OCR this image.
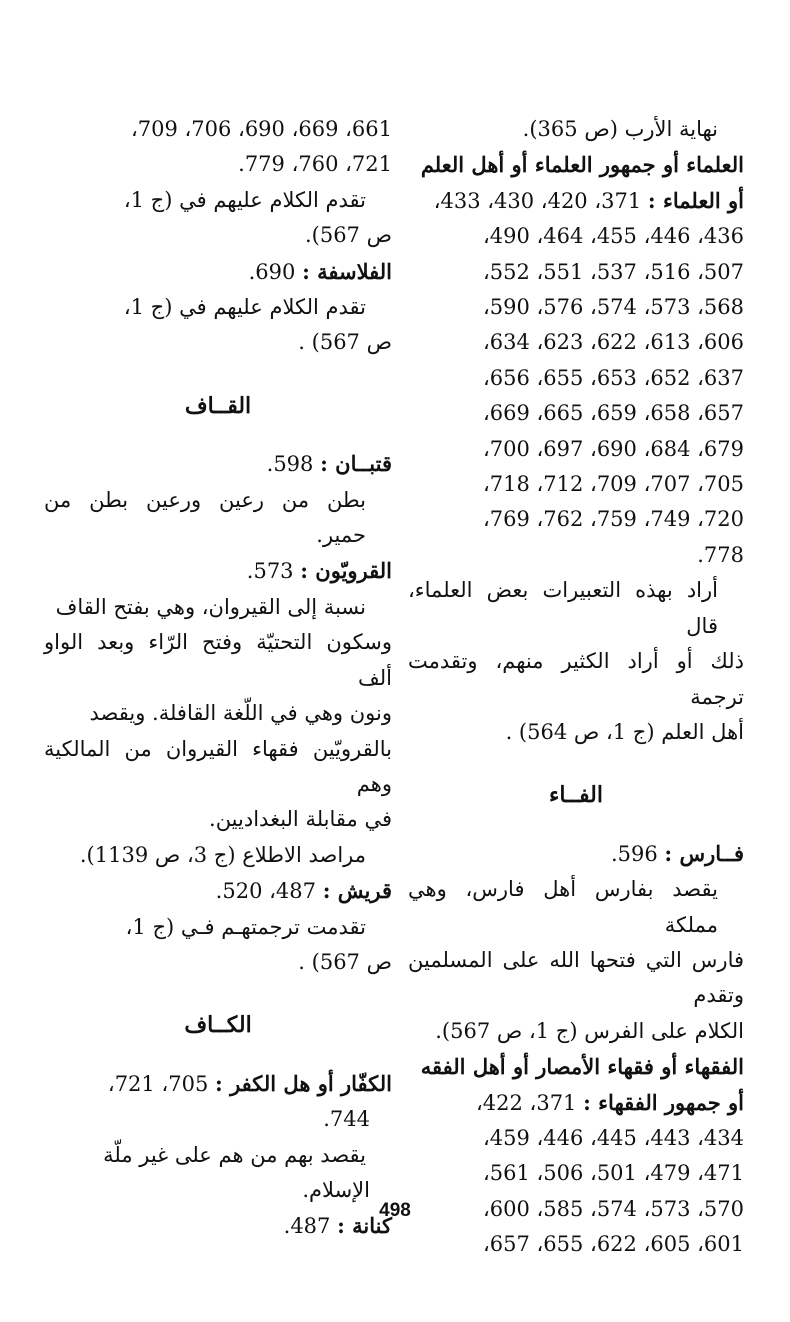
نهاية الأرب (ص 365).

العلماء أو جمهور العلماء أو أهل العلم

أو العلماء : 371، 420، 430، 433،

436، 446، 455، 464، 490،

507، 516، 537، 551، 552،

568، 573، 574، 576، 590،

606، 613، 622، 623، 634،

637، 652، 653، 655، 656،

657، 658، 659، 665، 669،

679، 684، 690، 697، 700،

705، 707، 709، 712، 718،

720، 749، 759، 762، 769،

778.

أراد بهذه التعبيرات بعض العلماء، قال

ذلك أو أراد الكثير منهم، وتقدمت ترجمة

أهل العلم (ج 1، ص 564) .

الفــاء

فــارس : 596.

يقصد بفارس أهل فارس، وهي مملكة

فارس التي فتحها الله على المسلمين وتقدم

الكلام على الفرس (ج 1، ص 567).

الفقهاء أو فقهاء الأمصار أو أهل الفقه

أو جمهور الفقهاء : 371، 422،

434، 443، 445، 446، 459،

471، 479، 501، 506، 561،

570، 573، 574، 585، 600،

601، 605، 622، 655، 657،

661، 669، 690، 706، 709،

721، 760، 779.

تقدم الكلام عليهم في (ج 1،

ص 567).

الفلاسفة : 690.

تقدم الكلام عليهم في (ج 1،

ص 567) .

القــاف

قتبــان : 598.

بطن من رعين ورعين بطن من حمير.

القرويّون : 573.

نسبة إلى القيروان، وهي بفتح القاف

وسكون التحتيّة وفتح الرّاء وبعد الواو ألف

ونون وهي في اللّغة القافلة. ويقصد

بالقرويّين فقهاء القيروان من المالكية وهم

في مقابلة البغداديين.

مراصد الاطلاع (ج 3، ص 1139).

قريش : 487، 520.

تقدمت ترجمتهـم فـي (ج 1،

ص 567) .

الكــاف

الكفّار أو هل الكفر : 705، 721،

744.

يقصد بهم من هم على غير ملّة

الإسلام.

كنانة : 487.

498
